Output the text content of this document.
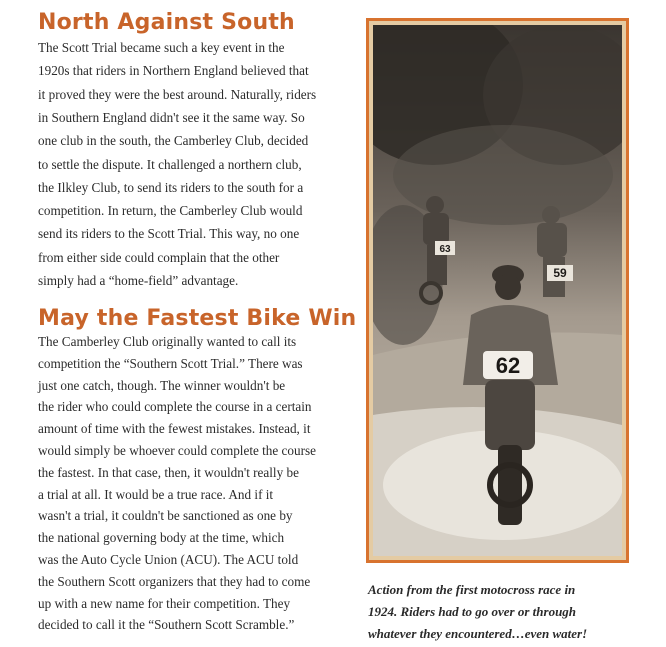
North Against South
The Scott Trial became such a key event in the
1920s that riders in Northern England believed that
it proved they were the best around. Naturally, riders
in Southern England didn't see it the same way. So
one club in the south, the Camberley Club, decided
to settle the dispute. It challenged a northern club,
the Ilkley Club, to send its riders to the south for a
competition. In return, the Camberley Club would
send its riders to the Scott Trial. This way, no one
from either side could complain that the other
simply had a “home-field” advantage.
May the Fastest Bike Win
The Camberley Club originally wanted to call its
competition the “Southern Scott Trial.” There was
just one catch, though. The winner wouldn't be
the rider who could complete the course in a certain
amount of time with the fewest mistakes. Instead, it
would simply be whoever could complete the course
the fastest. In that case, then, it wouldn't really be
a trial at all. It would be a true race. And if it
wasn't a trial, it couldn't be sanctioned as one by
the national governing body at the time, which
was the Auto Cycle Union (ACU). The ACU told
the Southern Scott organizers that they had to come
up with a new name for their competition. They
decided to call it the “Southern Scott Scramble.”
63
59
62
Action from the first motocross race in
1924. Riders had to go over or through
whatever they encountered…even water!
